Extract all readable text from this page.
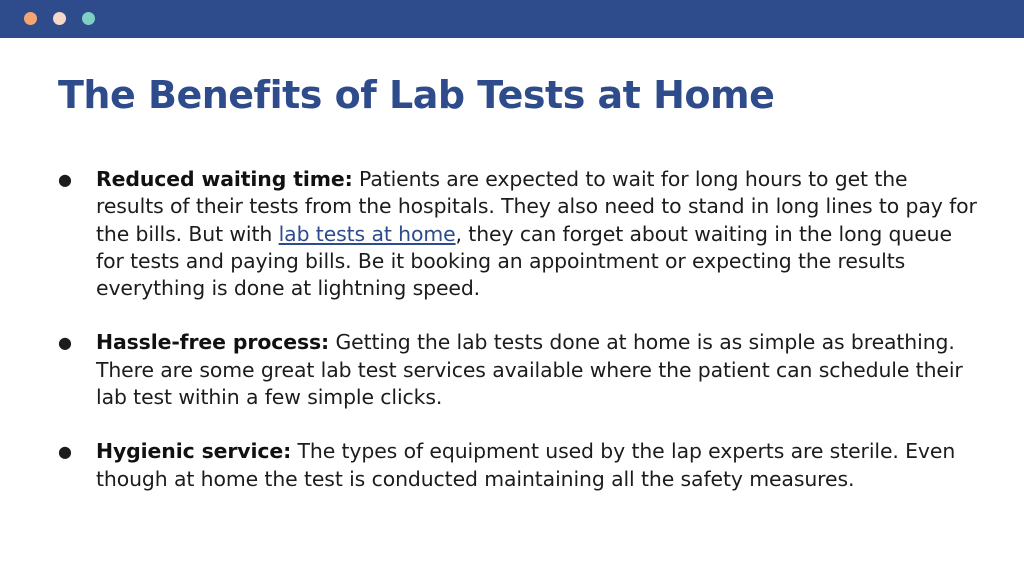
The Benefits of Lab Tests at Home
● Reduced waiting time: Patients are expected to wait for long hours to get the results of their tests from the hospitals. They also need to stand in long lines to pay for the bills. But with lab tests at home, they can forget about waiting in the long queue for tests and paying bills. Be it booking an appointment or expecting the results everything is done at lightning speed.
● Hassle-free process: Getting the lab tests done at home is as simple as breathing. There are some great lab test services available where the patient can schedule their lab test within a few simple clicks.
● Hygienic service: The types of equipment used by the lap experts are sterile. Even though at home the test is conducted maintaining all the safety measures.
